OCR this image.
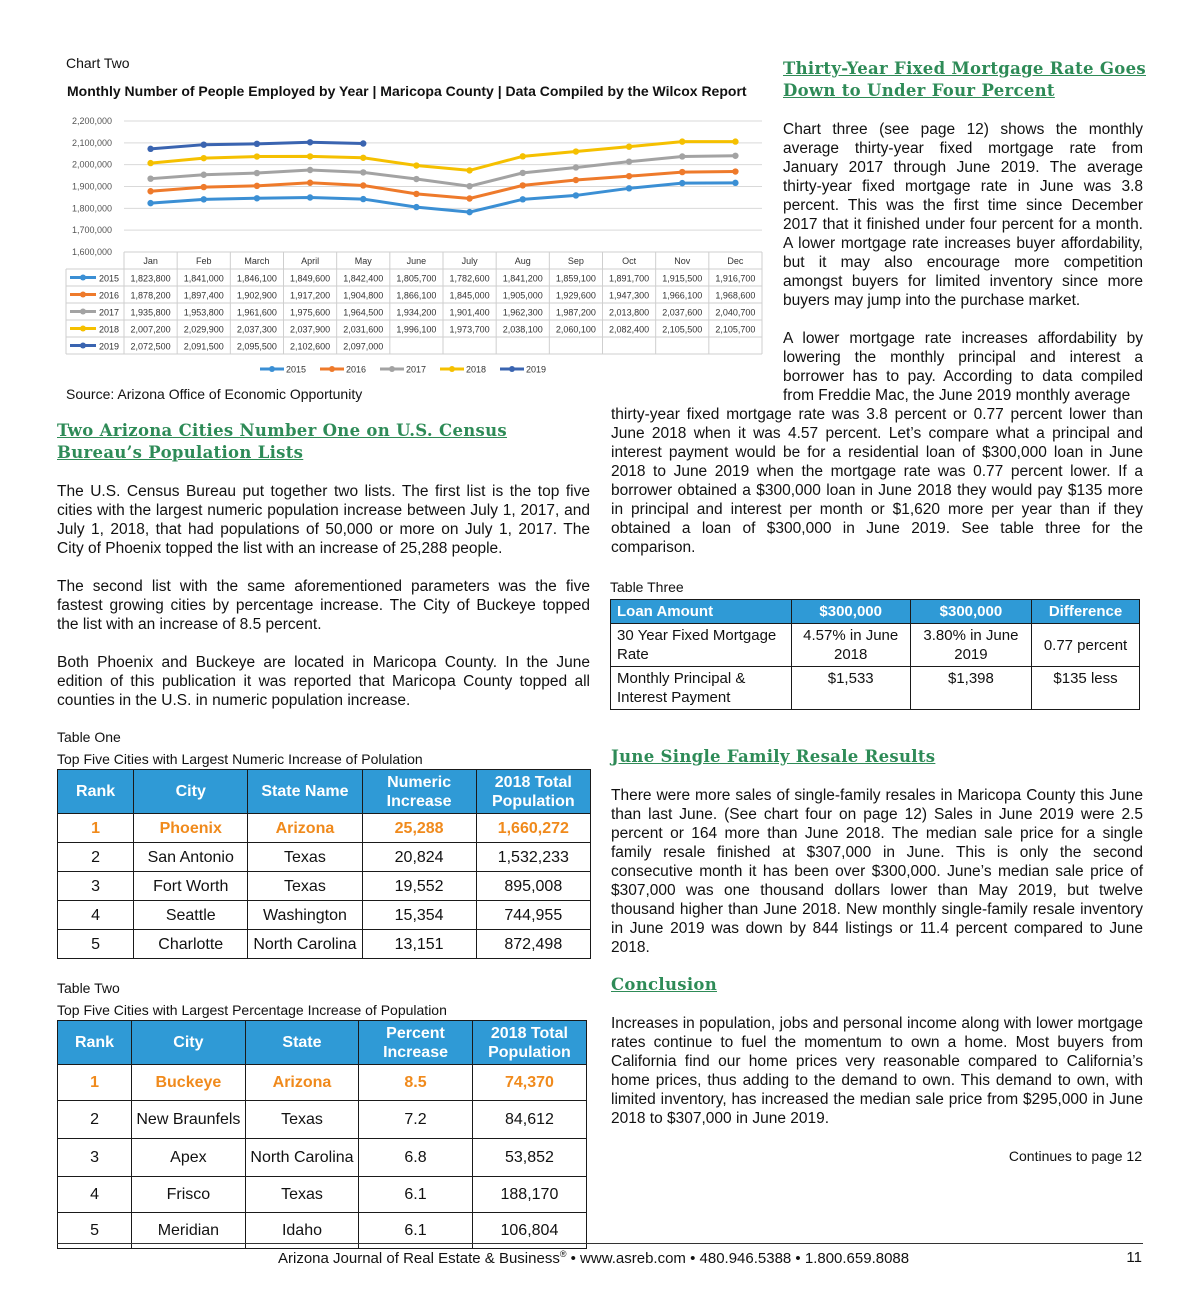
Chart Two
Monthly Number of People Employed by Year | Maricopa County | Data Compiled by the Wilcox Report
2,200,000
2,100,000
2,000,000
1,900,000
1,800,000
1,700,000
1,600,000
Jan	Feb	March	April	May	June	July	Aug	Sep	Oct	Nov	Dec
2015 1,823,800 1,841,000 1,846,100 1,849,600 1,842,400 1,805,700 1,782,600 1,841,200 1,859,100 1,891,700 1,915,500 1,916,700
2016 1,878,200 1,897,400 1,902,900 1,917,200 1,904,800 1,866,100 1,845,000 1,905,000 1,929,600 1,947,300 1,966,100 1,968,600
2017 1,935,800 1,953,800 1,961,600 1,975,600 1,964,500 1,934,200 1,901,400 1,962,300 1,987,200 2,013,800 2,037,600 2,040,700
2018 2,007,200 2,029,900 2,037,300 2,037,900 2,031,600 1,996,100 1,973,700 2,038,100 2,060,100 2,082,400 2,105,500 2,105,700
2019 2,072,500 2,091,500 2,095,500 2,102,600 2,097,000
2015	2016	2017	2018	2019
Source: Arizona Office of Economic Opportunity
Thirty-Year Fixed Mortgage Rate Goes Down to Under Four Percent

Chart three (see page 12) shows the monthly average thirty-year fixed mortgage rate from January 2017 through June 2019. The average thirty-year fixed mortgage rate in June was 3.8 percent. This was the first time since December 2017 that it finished under four percent for a month. A lower mortgage rate increases buyer affordability, but it may also encourage more competition amongst buyers for limited inventory since more buyers may jump into the purchase market.

A lower mortgage rate increases affordability by lowering the monthly principal and interest a borrower has to pay. According to data compiled from Freddie Mac, the June 2019 monthly average

thirty-year fixed mortgage rate was 3.8 percent or 0.77 percent lower than June 2018 when it was 4.57 percent. Let’s compare what a principal and interest payment would be for a residential loan of $300,000 loan in June 2018 to June 2019 when the mortgage rate was 0.77 percent lower. If a borrower obtained a $300,000 loan in June 2018 they would pay $135 more in principal and interest per month or $1,620 more per year than if they obtained a loan of $300,000 in June 2019. See table three for the comparison.
Two Arizona Cities Number One on U.S. Census Bureau’s Population Lists

The U.S. Census Bureau put together two lists. The first list is the top five cities with the largest numeric population increase between July 1, 2017, and July 1, 2018, that had populations of 50,000 or more on July 1, 2017. The City of Phoenix topped the list with an increase of 25,288 people.

The second list with the same aforementioned parameters was the five fastest growing cities by percentage increase. The City of Buckeye topped the list with an increase of 8.5 percent.

Both Phoenix and Buckeye are located in Maricopa County. In the June edition of this publication it was reported that Maricopa County topped all counties in the U.S. in numeric population increase.

Table One
Top Five Cities with Largest Numeric Increase of Polulation
Rank	City	State Name	Numeric Increase	2018 Total Population
1	Phoenix	Arizona	25,288	1,660,272
2	San Antonio	Texas	20,824	1,532,233
3	Fort Worth	Texas	19,552	895,008
4	Seattle	Washington	15,354	744,955
5	Charlotte	North Carolina	13,151	872,498
Table Two
Top Five Cities with Largest Percentage Increase of Population
Rank	City	State	Percent Increase	2018 Total Population
1	Buckeye	Arizona	8.5	74,370
2	New Braunfels	Texas	7.2	84,612
3	Apex	North Carolina	6.8	53,852
4	Frisco	Texas	6.1	188,170
5	Meridian	Idaho	6.1	106,804
Table Three
Loan Amount	$300,000	$300,000	Difference
30 Year Fixed Mortgage Rate	4.57% in June 2018	3.80% in June 2019	0.77 percent
Monthly Principal & Interest Payment	$1,533	$1,398	$135 less
June Single Family Resale Results
There were more sales of single-family resales in Maricopa County this June than last June. (See chart four on page 12) Sales in June 2019 were 2.5 percent or 164 more than June 2018. The median sale price for a single family resale finished at $307,000 in June. This is only the second consecutive month it has been over $300,000. June’s median sale price of $307,000 was one thousand dollars lower than May 2019, but twelve thousand higher than June 2018. New monthly single-family resale inventory in June 2019 was down by 844 listings or 11.4 percent compared to June 2018.
Conclusion
Increases in population, jobs and personal income along with lower mortgage rates continue to fuel the momentum to own a home. Most buyers from California find our home prices very reasonable compared to California’s home prices, thus adding to the demand to own. This demand to own, with limited inventory, has increased the median sale price from $295,000 in June 2018 to $307,000 in June 2019.
Continues to page 12
Arizona Journal of Real Estate & Business® • www.asreb.com • 480.946.5388 • 1.800.659.8088	11
